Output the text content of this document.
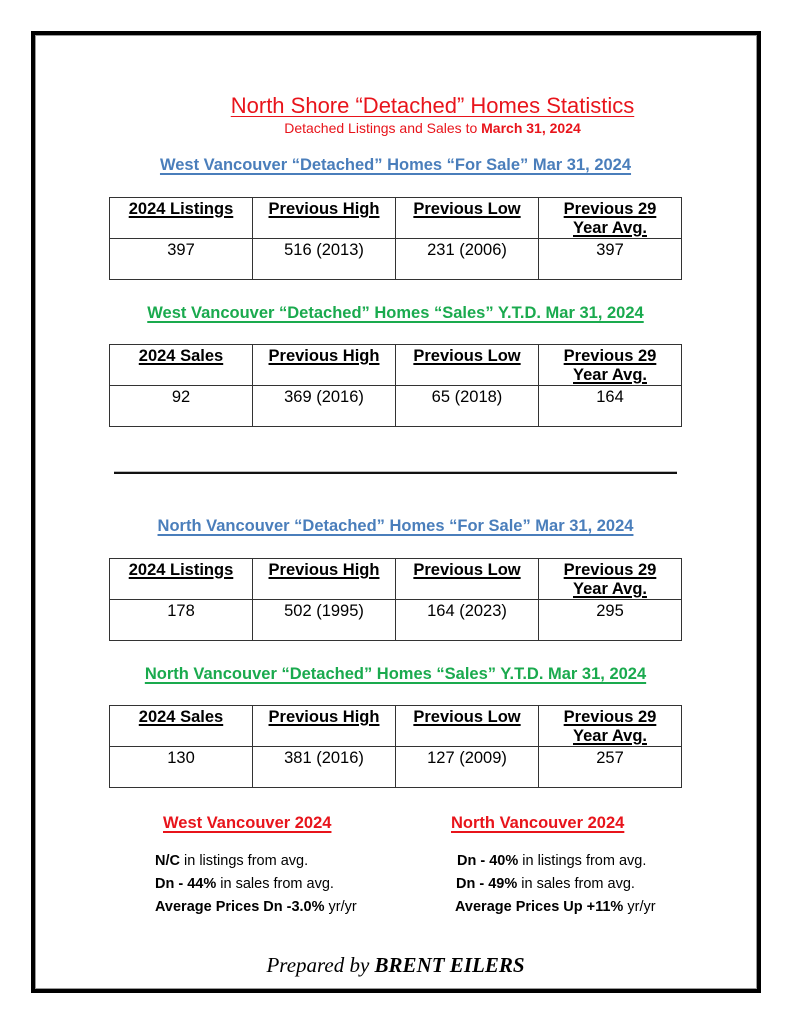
North Shore “Detached” Homes Statistics
Detached Listings and Sales to March 31, 2024
West Vancouver “Detached” Homes “For Sale” Mar 31, 2024
2024 Listings	Previous High	Previous Low	Previous 29
Year Avg.
397	516 (2013)	231 (2006)	397
West Vancouver “Detached” Homes “Sales” Y.T.D. Mar 31, 2024
2024 Sales	Previous High	Previous Low	Previous 29
Year Avg.
92	369 (2016)	65 (2018)	164
North Vancouver “Detached” Homes “For Sale” Mar 31, 2024
2024 Listings	Previous High	Previous Low	Previous 29
Year Avg.
178	502 (1995)	164 (2023)	295
North Vancouver “Detached” Homes “Sales” Y.T.D. Mar 31, 2024
2024 Sales	Previous High	Previous Low	Previous 29
Year Avg.
130	381 (2016)	127 (2009)	257
West Vancouver 2024
N/C in listings from avg.
Dn - 44% in sales from avg.
Average Prices Dn -3.0% yr/yr
North Vancouver 2024
Dn - 40% in listings from avg.
Dn - 49% in sales from avg.
Average Prices Up +11% yr/yr
Prepared by BRENT EILERS
